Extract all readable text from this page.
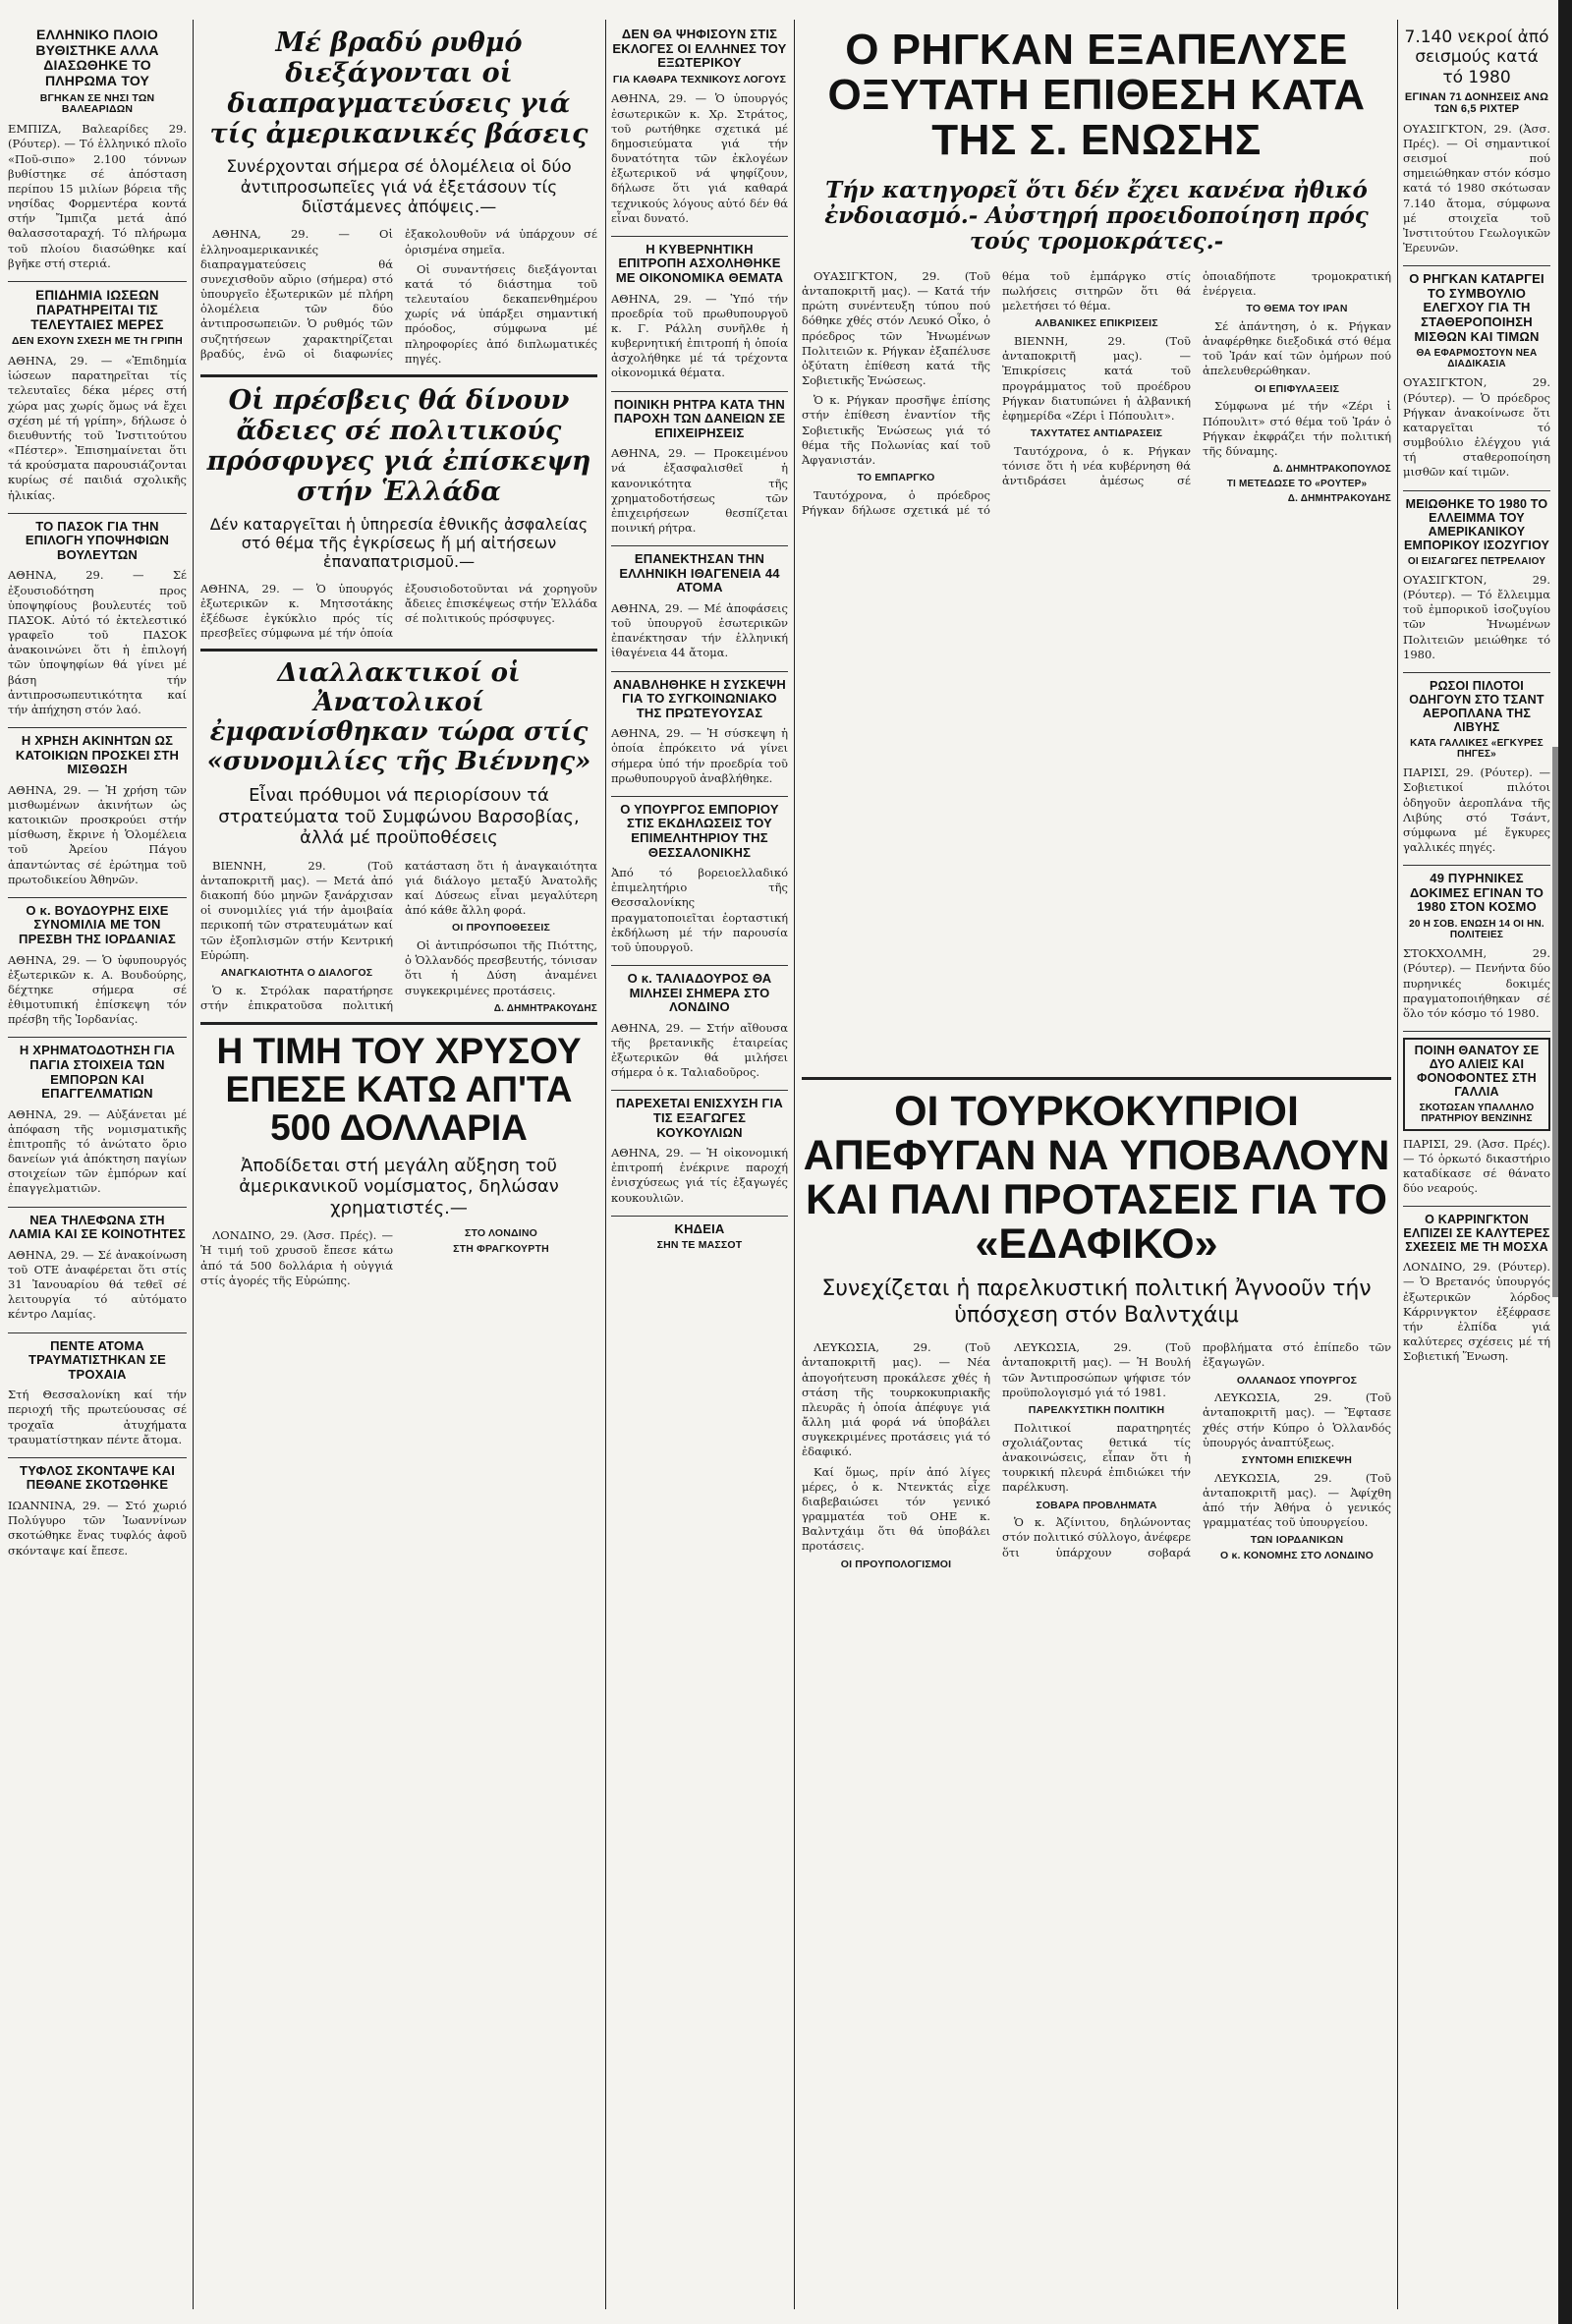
ΕΛΛΗΝΙΚΟ ΠΛΟΙΟ ΒΥΘΙΣΤΗΚΕ ΑΛΛΑ ΔΙΑΣΩΘΗΚΕ ΤΟ ΠΛΗΡΩΜΑ ΤΟΥ
ΒΓΗΚΑΝ ΣΕ ΝΗΣΙ ΤΩΝ ΒΑΛΕΑΡΙΔΩΝ
ΕΜΠΙΖΑ, Βαλεαρίδες 29. (Ρόυτερ). — Τό ἑλληνικό πλοῖο «Ποῦ-σιπο» 2.100 τόννων βυθίστηκε σέ ἀπόσταση περίπου 15 μιλίων βόρεια τῆς νησίδας Φορμεντέρα κοντά στήν Ἴμπιζα μετά ἀπό θαλασσοταραχή. Τό πλήρωμα τοῦ πλοίου διασώθηκε καί βγῆκε στή στεριά.
ΕΠΙΔΗΜΙΑ ΙΩΣΕΩΝ ΠΑΡΑΤΗΡΕΙΤΑΙ ΤΙΣ ΤΕΛΕΥΤΑΙΕΣ ΜΕΡΕΣ
ΔΕΝ ΕΧΟΥΝ ΣΧΕΣΗ ΜΕ ΤΗ ΓΡΙΠΗ
ΑΘΗΝΑ, 29. — «Ἐπιδημία ἰώσεων παρατηρεῖται τίς τελευταῖες δέκα μέρες στή χώρα μας χωρίς ὅμως νά ἔχει σχέση μέ τή γρίπη», δήλωσε ὁ διευθυντής τοῦ Ἰνστιτούτου «Πέστερ». Ἐπισημαίνεται ὅτι τά κρούσματα παρουσιάζονται κυρίως σέ παιδιά σχολικῆς ἡλικίας.
ΤΟ ΠΑΣΟΚ ΓΙΑ ΤΗΝ ΕΠΙΛΟΓΗ ΥΠΟΨΗΦΙΩΝ ΒΟΥΛΕΥΤΩΝ
ΑΘΗΝΑ, 29. — Σέ ἐξουσιοδότηση προς ὑποψηφίους βουλευτές τοῦ ΠΑΣΟΚ. Αὐτό τό ἐκτελεστικό γραφεῖο τοῦ ΠΑΣΟΚ ἀνακοινώνει ὅτι ἡ ἐπιλογή τῶν ὑποψηφίων θά γίνει μέ βάση τήν ἀντιπροσωπευτικότητα καί τήν ἀπήχηση στόν λαό.
Η ΧΡΗΣΗ ΑΚΙΝΗΤΩΝ ΩΣ ΚΑΤΟΙΚΙΩΝ ΠΡΟΣΚΕΙ ΣΤΗ ΜΙΣΘΩΣΗ
ΑΘΗΝΑ, 29. — Ἡ χρήση τῶν μισθωμένων ἀκινήτων ὡς κατοικιῶν προσκρούει στήν μίσθωση, ἔκρινε ἡ Ὁλομέλεια τοῦ Ἀρείου Πάγου ἀπαντώντας σέ ἐρώτημα τοῦ πρωτοδικείου Ἀθηνῶν.
Ο κ. ΒΟΥΔΟΥΡΗΣ ΕΙΧΕ ΣΥΝΟΜΙΛΙΑ ΜΕ ΤΟΝ ΠΡΕΣΒΗ ΤΗΣ ΙΟΡΔΑΝΙΑΣ
ΑΘΗΝΑ, 29. — Ὁ ὑφυπουργός ἐξωτερικῶν κ. Α. Βουδούρης, δέχτηκε σήμερα σέ ἐθιμοτυπική ἐπίσκεψη τόν πρέσβη τῆς Ἰορδανίας.
Η ΧΡΗΜΑΤΟΔΟΤΗΣΗ ΓΙΑ ΠΑΓΙΑ ΣΤΟΙΧΕΙΑ ΤΩΝ ΕΜΠΟΡΩΝ ΚΑΙ ΕΠΑΓΓΕΛΜΑΤΙΩΝ
ΑΘΗΝΑ, 29. — Αὐξάνεται μέ ἀπόφαση τῆς νομισματικῆς ἐπιτροπῆς τό ἀνώτατο ὅριο δανείων γιά ἀπόκτηση παγίων στοιχείων τῶν ἐμπόρων καί ἐπαγγελματιῶν.
ΝΕΑ ΤΗΛΕΦΩΝΑ ΣΤΗ ΛΑΜΙΑ ΚΑΙ ΣΕ ΚΟΙΝΟΤΗΤΕΣ
ΑΘΗΝΑ, 29. — Σέ ἀνακοίνωση τοῦ ΟΤΕ ἀναφέρεται ὅτι στίς 31 Ἰανουαρίου θά τεθεῖ σέ λειτουργία τό αὐτόματο κέντρο Λαμίας.
ΠΕΝΤΕ ΑΤΟΜΑ ΤΡΑΥΜΑΤΙΣΤΗΚΑΝ ΣΕ ΤΡΟΧΑΙΑ
Στή Θεσσαλονίκη καί τήν περιοχή τῆς πρωτεύουσας σέ τροχαῖα ἀτυχήματα τραυματίστηκαν πέντε ἄτομα.
ΤΥΦΛΟΣ ΣΚΟΝΤΑΨΕ ΚΑΙ ΠΕΘΑΝΕ ΣΚΟΤΩΘΗΚΕ
ΙΩΑΝΝΙΝΑ, 29. — Στό χωριό Πολύγυρο τῶν Ἰωαννίνων σκοτώθηκε ἕνας τυφλός ἀφοῦ σκόνταψε καί ἔπεσε.
Μέ βραδύ ρυθμό διεξάγονται οἱ διαπραγματεύσεις γιά τίς ἀμερικανικές βάσεις
Συνέρχονται σήμερα σέ ὁλομέλεια οἱ δύο ἀντιπροσωπεῖες γιά νά ἐξετάσουν τίς διϊστάμενες ἀπόψεις.—

ΑΘΗΝΑ, 29. — Οἱ ἑλληνοαμερικανικές διαπραγματεύσεις θά συνεχισθοῦν αὔριο (σήμερα) στό ὑπουργεῖο ἐξωτερικῶν μέ πλήρη ὁλομέλεια τῶν δύο ἀντιπροσωπειῶν. Ὁ ρυθμός τῶν συζητήσεων χαρακτηρίζεται βραδύς, ἐνῶ οἱ διαφωνίες ἐξακολουθοῦν νά ὑπάρχουν σέ ὁρισμένα σημεῖα.

Οἱ συναντήσεις διεξάγονται κατά τό διάστημα τοῦ τελευταίου δεκαπενθημέρου χωρίς νά ὑπάρξει σημαντική πρόοδος, σύμφωνα μέ πληροφορίες ἀπό διπλωματικές πηγές.

Οἱ πρέσβεις θά δίνουν ἄδειες σέ πολιτικούς πρόσφυγες γιά ἐπίσκεψη στήν Ἑλλάδα
Δέν καταργεῖται ἡ ὑπηρεσία ἐθνικῆς ἀσφαλείας στό θέμα τῆς ἐγκρίσεως ἤ μή αἰτήσεων ἐπαναπατρισμοῦ.—
ΑΘΗΝΑ, 29. — Ὁ ὑπουργός ἐξωτερικῶν κ. Μητσοτάκης ἐξέδωσε ἐγκύκλιο πρός τίς πρεσβεῖες σύμφωνα μέ τήν ὁποία ἐξουσιοδοτοῦνται νά χορηγοῦν ἄδειες ἐπισκέψεως στήν Ἑλλάδα σέ πολιτικούς πρόσφυγες.
Διαλλακτικοί οἱ Ἀνατολικοί ἐμφανίσθηκαν τώρα στίς «συνομιλίες τῆς Βιέννης»
Εἶναι πρόθυμοι νά περιορίσουν τά στρατεύματα τοῦ Συμφώνου Βαρσοβίας, ἀλλά μέ προϋποθέσεις

ΒΙΕΝΝΗ, 29. (Τοῦ ἀνταποκριτῆ μας). — Μετά ἀπό διακοπή δύο μηνῶν ξανάρχισαν οἱ συνομιλίες γιά τήν ἀμοιβαία περικοπή τῶν στρατευμάτων καί τῶν ἐξοπλισμῶν στήν Κεντρική Εὐρώπη.

ΑΝΑΓΚΑΙΟΤΗΤΑ Ο ΔΙΑΛΟΓΟΣ

Ὁ κ. Στρόλακ παρατήρησε στήν ἐπικρατοῦσα πολιτική κατάσταση ὅτι ἡ ἀναγκαιότητα γιά διάλογο μεταξύ Ἀνατολῆς καί Δύσεως εἶναι μεγαλύτερη ἀπό κάθε ἄλλη φορά.

ΟΙ ΠΡΟΥΠΟΘΕΣΕΙΣ

Οἱ ἀντιπρόσωποι τῆς Πιόττης, ὁ Ὁλλανδός πρεσβευτής, τόνισαν ὅτι ἡ Δύση ἀναμένει συγκεκριμένες προτάσεις.

Δ. ΔΗΜΗΤΡΑΚΟΥΔΗΣ
Η ΤΙΜΗ ΤΟΥ ΧΡΥΣΟΥ ΕΠΕΣΕ ΚΑΤΩ ΑΠ'ΤΑ 500 ΔΟΛΛΑΡΙΑ
Ἀποδίδεται στή μεγάλη αὔξηση τοῦ ἀμερικανικοῦ νομίσματος, δηλώσαν χρηματιστές.—

ΛΟΝΔΙΝΟ, 29. (Ἀσσ. Πρές). — Ἡ τιμή τοῦ χρυσοῦ ἔπεσε κάτω ἀπό τά 500 δολλάρια ἡ οὐγγιά στίς ἀγορές τῆς Εὐρώπης.

ΣΤΟ ΛΟΝΔΙΝΟ
ΣΤΗ ΦΡΑΓΚΟΥΡΤΗ
ΔΕΝ ΘΑ ΨΗΦΙΣΟΥΝ ΣΤΙΣ ΕΚΛΟΓΕΣ ΟΙ ΕΛΛΗΝΕΣ ΤΟΥ ΕΞΩΤΕΡΙΚΟΥ
ΓΙΑ ΚΑΘΑΡΑ ΤΕΧΝΙΚΟΥΣ ΛΟΓΟΥΣ
ΑΘΗΝΑ, 29. — Ὁ ὑπουργός ἐσωτερικῶν κ. Χρ. Στράτος, τοῦ ρωτήθηκε σχετικά μέ δημοσιεύματα γιά τήν δυνατότητα τῶν ἐκλογέων ἐξωτερικοῦ νά ψηφίζουν, δήλωσε ὅτι γιά καθαρά τεχνικούς λόγους αὐτό δέν θά εἶναι δυνατό.
Η ΚΥΒΕΡΝΗΤΙΚΗ ΕΠΙΤΡΟΠΗ ΑΣΧΟΛΗΘΗΚΕ ΜΕ ΟΙΚΟΝΟΜΙΚΑ ΘΕΜΑΤΑ
ΑΘΗΝΑ, 29. — Ὑπό τήν προεδρία τοῦ πρωθυπουργοῦ κ. Γ. Ράλλη συνῆλθε ἡ κυβερνητική ἐπιτροπή ἡ ὁποία ἀσχολήθηκε μέ τά τρέχοντα οἰκονομικά θέματα.
ΠΟΙΝΙΚΗ ΡΗΤΡΑ ΚΑΤΑ ΤΗΝ ΠΑΡΟΧΗ ΤΩΝ ΔΑΝΕΙΩΝ ΣΕ ΕΠΙΧΕΙΡΗΣΕΙΣ
ΑΘΗΝΑ, 29. — Προκειμένου νά ἐξασφαλισθεῖ ἡ κανονικότητα τῆς χρηματοδοτήσεως τῶν ἐπιχειρήσεων θεσπίζεται ποινική ρήτρα.
ΕΠΑΝΕΚΤΗΣΑΝ ΤΗΝ ΕΛΛΗΝΙΚΗ ΙΘΑΓΕΝΕΙΑ 44 ΑΤΟΜΑ
ΑΘΗΝΑ, 29. — Μέ ἀποφάσεις τοῦ ὑπουργοῦ ἐσωτερικῶν ἐπανέκτησαν τήν ἑλληνική ἰθαγένεια 44 ἄτομα.
ΑΝΑΒΛΗΘΗΚΕ Η ΣΥΣΚΕΨΗ ΓΙΑ ΤΟ ΣΥΓΚΟΙΝΩΝΙΑΚΟ ΤΗΣ ΠΡΩΤΕΥΟΥΣΑΣ
ΑΘΗΝΑ, 29. — Ἡ σύσκεψη ἡ ὁποία ἐπρόκειτο νά γίνει σήμερα ὑπό τήν προεδρία τοῦ πρωθυπουργοῦ ἀναβλήθηκε.
Ο ΥΠΟΥΡΓΟΣ ΕΜΠΟΡΙΟΥ ΣΤΙΣ ΕΚΔΗΛΩΣΕΙΣ ΤΟΥ ΕΠΙΜΕΛΗΤΗΡΙΟΥ ΤΗΣ ΘΕΣΣΑΛΟΝΙΚΗΣ
Ἀπό τό βορειοελλαδικό ἐπιμελητήριο τῆς Θεσσαλονίκης πραγματοποιεῖται ἑορταστική ἐκδήλωση μέ τήν παρουσία τοῦ ὑπουργοῦ.
Ο κ. ΤΑΛΙΑΔΟΥΡΟΣ ΘΑ ΜΙΛΗΣΕΙ ΣΗΜΕΡΑ ΣΤΟ ΛΟΝΔΙΝΟ
ΑΘΗΝΑ, 29. — Στήν αἴθουσα τῆς βρετανικῆς ἑταιρείας ἐξωτερικῶν θά μιλήσει σήμερα ὁ κ. Ταλιαδοῦρος.
ΠΑΡΕΧΕΤΑΙ ΕΝΙΣΧΥΣΗ ΓΙΑ ΤΙΣ ΕΞΑΓΩΓΕΣ ΚΟΥΚΟΥΛΙΩΝ
ΑΘΗΝΑ, 29. — Ἡ οἰκονομική ἐπιτροπή ἐνέκρινε παροχή ἐνισχύσεως γιά τίς ἐξαγωγές κουκουλιῶν.
ΚΗΔΕΙΑ
ΣΗΝ ΤΕ ΜΑΣΣΟΤ
Ο ΡΗΓΚΑΝ ΕΞΑΠΕΛΥΣΕ ΟΞΥΤΑΤΗ ΕΠΙΘΕΣΗ ΚΑΤΑ ΤΗΣ Σ. ΕΝΩΣΗΣ
Τήν κατηγορεῖ ὅτι δέν ἔχει κανένα ἠθικό ἐνδοιασμό.- Αὐστηρή προειδοποίηση πρός τούς τρομοκράτες.-

ΟΥΑΣΙΓΚΤΟΝ, 29. (Τοῦ ἀνταποκριτῆ μας). — Κατά τήν πρώτη συνέντευξη τύπου πού δόθηκε χθές στόν Λευκό Οἶκο, ὁ πρόεδρος τῶν Ἡνωμένων Πολιτειῶν κ. Ρήγκαν ἐξαπέλυσε ὀξύτατη ἐπίθεση κατά τῆς Σοβιετικῆς Ἑνώσεως.

Ὁ κ. Ρήγκαν προσῆψε ἐπίσης στήν ἐπίθεση ἐναντίον τῆς Σοβιετικῆς Ἑνώσεως γιά τό θέμα τῆς Πολωνίας καί τοῦ Ἀφγανιστάν.

ΤΟ ΕΜΠΑΡΓΚΟ

Ταυτόχρονα, ὁ πρόεδρος Ρήγκαν δήλωσε σχετικά μέ τό θέμα τοῦ ἐμπάργκο στίς πωλήσεις σιτηρῶν ὅτι θά μελετήσει τό θέμα.

ΑΛΒΑΝΙΚΕΣ ΕΠΙΚΡΙΣΕΙΣ

ΒΙΕΝΝΗ, 29. (Τοῦ ἀνταποκριτῆ μας). — Ἐπικρίσεις κατά τοῦ προγράμματος τοῦ προέδρου Ρήγκαν διατυπώνει ἡ ἀλβανική ἐφημερίδα «Ζέρι ἰ Πόπουλιτ».

ΤΑΧΥΤΑΤΕΣ ΑΝΤΙΔΡΑΣΕΙΣ

Ταυτόχρονα, ὁ κ. Ρήγκαν τόνισε ὅτι ἡ νέα κυβέρνηση θά ἀντιδράσει ἀμέσως σέ ὁποιαδήποτε τρομοκρατική ἐνέργεια.

ΤΟ ΘΕΜΑ ΤΟΥ ΙΡΑΝ

Σέ ἀπάντηση, ὁ κ. Ρήγκαν ἀναφέρθηκε διεξοδικά στό θέμα τοῦ Ἰράν καί τῶν ὁμήρων πού ἀπελευθερώθηκαν.

ΟΙ ΕΠΙΦΥΛΑΞΕΙΣ

Σύμφωνα μέ τήν «Ζέρι ἰ Πόπουλιτ» στό θέμα τοῦ Ἰράν ὁ Ρήγκαν ἐκφράζει τήν πολιτική τῆς δύναμης.

Δ. ΔΗΜΗΤΡΑΚΟΠΟΥΛΟΣ
ΤΙ ΜΕΤΕΔΩΣΕ ΤΟ «ΡΟΥΤΕΡ»
Δ. ΔΗΜΗΤΡΑΚΟΥΔΗΣ
ΟΙ ΤΟΥΡΚΟΚΥΠΡΙΟΙ ΑΠΕΦΥΓΑΝ ΝΑ ΥΠΟΒΑΛΟΥΝ ΚΑΙ ΠΑΛΙ ΠΡΟΤΑΣΕΙΣ ΓΙΑ ΤΟ «ΕΔΑΦΙΚΟ»
Συνεχίζεται ἡ παρελκυστική πολιτική Ἀγνοοῦν τήν ὑπόσχεση στόν Βαλντχάιμ

ΛΕΥΚΩΣΙΑ, 29. (Τοῦ ἀνταποκριτῆ μας). — Νέα ἀπογοήτευση προκάλεσε χθές ἡ στάση τῆς τουρκοκυπριακῆς πλευρᾶς ἡ ὁποία ἀπέφυγε γιά ἄλλη μιά φορά νά ὑποβάλει συγκεκριμένες προτάσεις γιά τό ἐδαφικό.

Καί ὅμως, πρίν ἀπό λίγες μέρες, ὁ κ. Ντενκτάς εἶχε διαβεβαιώσει τόν γενικό γραμματέα τοῦ ΟΗΕ κ. Βαλντχάιμ ὅτι θά ὑποβάλει προτάσεις.

ΟΙ ΠΡΟΥΠΟΛΟΓΙΣΜΟΙ

ΛΕΥΚΩΣΙΑ, 29. (Τοῦ ἀνταποκριτῆ μας). — Ἡ Βουλή τῶν Ἀντιπροσώπων ψήφισε τόν προϋπολογισμό γιά τό 1981.

ΠΑΡΕΛΚΥΣΤΙΚΗ ΠΟΛΙΤΙΚΗ

Πολιτικοί παρατηρητές σχολιάζοντας θετικά τίς ἀνακοινώσεις, εἶπαν ὅτι ἡ τουρκική πλευρά ἐπιδιώκει τήν παρέλκυση.

ΣΟΒΑΡΑ ΠΡΟΒΛΗΜΑΤΑ

Ὁ κ. Ἀζίνιτου, δηλώνοντας στόν πολιτικό σύλλογο, ἀνέφερε ὅτι ὑπάρχουν σοβαρά προβλήματα στό ἐπίπεδο τῶν ἐξαγωγῶν.

ΟΛΛΑΝΔΟΣ ΥΠΟΥΡΓΟΣ

ΛΕΥΚΩΣΙΑ, 29. (Τοῦ ἀνταποκριτῆ μας). — Ἔφτασε χθές στήν Κύπρο ὁ Ὁλλανδός ὑπουργός ἀναπτύξεως.

ΣΥΝΤΟΜΗ ΕΠΙΣΚΕΨΗ

ΛΕΥΚΩΣΙΑ, 29. (Τοῦ ἀνταποκριτῆ μας). — Ἀφίχθη ἀπό τήν Ἀθήνα ὁ γενικός γραμματέας τοῦ ὑπουργείου.

ΤΩΝ ΙΟΡΔΑΝΙΚΩΝ
Ο κ. ΚΟΝΟΜΗΣ ΣΤΟ ΛΟΝΔΙΝΟ
7.140 νεκροί ἀπό σεισμούς κατά τό 1980
ΕΓΙΝΑΝ 71 ΔΟΝΗΣΕΙΣ ΑΝΩ ΤΩΝ 6,5 ΡΙΧΤΕΡ
ΟΥΑΣΙΓΚΤΟΝ, 29. (Ἀσσ. Πρές). — Οἱ σημαντικοί σεισμοί πού σημειώθηκαν στόν κόσμο κατά τό 1980 σκότωσαν 7.140 ἄτομα, σύμφωνα μέ στοιχεῖα τοῦ Ἰνστιτούτου Γεωλογικῶν Ἐρευνῶν.
Ο ΡΗΓΚΑΝ ΚΑΤΑΡΓΕΙ ΤΟ ΣΥΜΒΟΥΛΙΟ ΕΛΕΓΧΟΥ ΓΙΑ ΤΗ ΣΤΑΘΕΡΟΠΟΙΗΣΗ ΜΙΣΘΩΝ ΚΑΙ ΤΙΜΩΝ
ΘΑ ΕΦΑΡΜΟΣΤΟΥΝ ΝΕΑ ΔΙΑΔΙΚΑΣΙΑ
ΟΥΑΣΙΓΚΤΟΝ, 29. (Ρόυτερ). — Ὁ πρόεδρος Ρήγκαν ἀνακοίνωσε ὅτι καταργεῖται τό συμβούλιο ἐλέγχου γιά τή σταθεροποίηση μισθῶν καί τιμῶν.
ΜΕΙΩΘΗΚΕ ΤΟ 1980 ΤΟ ΕΛΛΕΙΜΜΑ ΤΟΥ ΑΜΕΡΙΚΑΝΙΚΟΥ ΕΜΠΟΡΙΚΟΥ ΙΣΟΖΥΓΙΟΥ
ΟΙ ΕΙΣΑΓΩΓΕΣ ΠΕΤΡΕΛΑΙΟΥ
ΟΥΑΣΙΓΚΤΟΝ, 29. (Ρόυτερ). — Τό ἔλλειμμα τοῦ ἐμπορικοῦ ἰσοζυγίου τῶν Ἡνωμένων Πολιτειῶν μειώθηκε τό 1980.
ΡΩΣΟΙ ΠΙΛΟΤΟΙ ΟΔΗΓΟΥΝ ΣΤΟ ΤΣΑΝΤ ΑΕΡΟΠΛΑΝΑ ΤΗΣ ΛΙΒΥΗΣ
ΚΑΤΑ ΓΑΛΛΙΚΕΣ «ΕΓΚΥΡΕΣ ΠΗΓΕΣ»
ΠΑΡΙΣΙ, 29. (Ρόυτερ). — Σοβιετικοί πιλότοι ὁδηγοῦν ἀεροπλάνα τῆς Λιβύης στό Τσάντ, σύμφωνα μέ ἔγκυρες γαλλικές πηγές.
49 ΠΥΡΗΝΙΚΕΣ ΔΟΚΙΜΕΣ ΕΓΙΝΑΝ ΤΟ 1980 ΣΤΟΝ ΚΟΣΜΟ
20 Η ΣΟΒ. ΕΝΩΣΗ 14 ΟΙ ΗΝ. ΠΟΛΙΤΕΙΕΣ
ΣΤΟΚΧΟΛΜΗ, 29. (Ρόυτερ). — Πενήντα δύο πυρηνικές δοκιμές πραγματοποιήθηκαν σέ ὅλο τόν κόσμο τό 1980.
ΠΟΙΝΗ ΘΑΝΑΤΟΥ ΣΕ ΔΥΟ ΑΛΙΕΙΣ ΚΑΙ ΦΟΝΟΦΟΝΤΕΣ ΣΤΗ ΓΑΛΛΙΑ
ΣΚΟΤΩΣΑΝ ΥΠΑΛΛΗΛΟ ΠΡΑΤΗΡΙΟΥ ΒΕΝΖΙΝΗΣ
ΠΑΡΙΣΙ, 29. (Ἀσσ. Πρές). — Τό ὁρκωτό δικαστήριο καταδίκασε σέ θάνατο δύο νεαρούς.
Ο ΚΑΡΡΙΝΓΚΤΟΝ ΕΛΠΙΖΕΙ ΣΕ ΚΑΛΥΤΕΡΕΣ ΣΧΕΣΕΙΣ ΜΕ ΤΗ ΜΟΣΧΑ
ΛΟΝΔΙΝΟ, 29. (Ρόυτερ). — Ὁ Βρετανός ὑπουργός ἐξωτερικῶν λόρδος Κάρρινγκτον ἐξέφρασε τήν ἐλπίδα γιά καλύτερες σχέσεις μέ τή Σοβιετική Ἕνωση.
